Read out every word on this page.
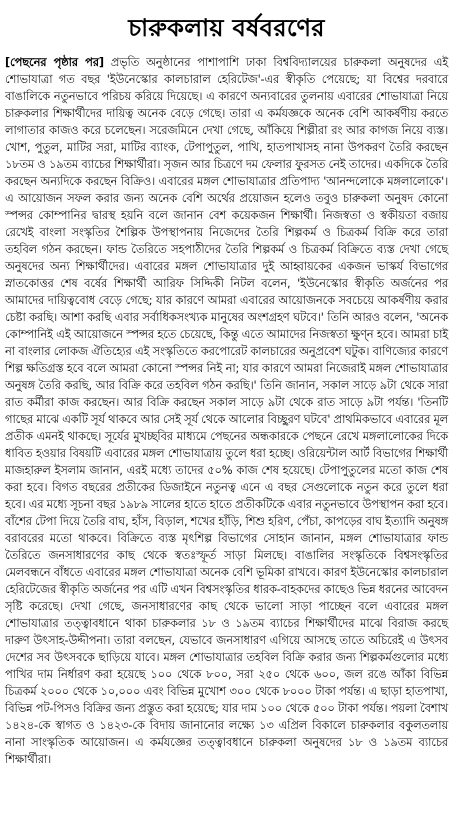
চারুকলায় বর্ষবরণের

[পেছনের পৃষ্ঠার পর] প্রভৃতি অনুষ্ঠানের পাশাপাশি ঢাকা বিশ্ববিদ্যালয়ের চারুকলা অনুষদের এই শোভাযাত্রা গত বছর 'ইউনেস্কোর কালচারাল হেরিটেজ'-এর স্বীকৃতি পেয়েছে; যা বিশ্বের দরবারে বাঙালিকে নতুনভাবে পরিচয় করিয়ে দিয়েছে। এ কারণে অন্যবারের তুলনায় এবারের শোভাযাত্রা নিয়ে চারুকলার শিক্ষার্থীদের দায়িত্ব অনেক বেড়ে গেছে। তারা এ কর্মযজ্ঞকে অনেক বেশি আকর্ষণীয় করতে লাগাতার কাজও করে চলেছেন। সরেজমিনে দেখা গেছে, আঁকিয়ে শিল্পীরা রং আর কাগজ নিয়ে ব্যস্ত। খোশ, পুতুল, মাটির সরা, মাটির ব্যাংক, টেপাপুতুল, পাখি, হাতপাখাসহ নানা উপকরণ তৈরি করছেন ১৮তম ও ১৯তম ব্যাচের শিক্ষার্থীরা। সৃজন আর চিত্রণে দম ফেলার ফুরসত নেই তাদের। একদিকে তৈরি করছেন অন্যদিকে করছেন বিক্রিও। এবারের মঙ্গল শোভাযাত্রার প্রতিপাদ্য 'আনন্দলোকে মঙ্গলালোকে'। এ আয়োজন সফল করার জন্য অনেক বেশি অর্থের প্রয়োজন হলেও তবুও চারুকলা অনুষদ কোনো স্পন্সর কোম্পানির দ্বারস্থ হয়নি বলে জানান বেশ কয়েকজন শিক্ষার্থী। নিজস্বতা ও স্বকীয়তা বজায় রেখেই বাংলা সংস্কৃতির শৈল্পিক উপস্থাপনায় নিজেদের তৈরি শিল্পকর্ম ও চিত্রকর্ম বিক্রি করে তারা তহবিল গঠন করছেন। ফান্ড তৈরিতে সহপাঠীদের তৈরি শিল্পকর্ম ও চিত্রকর্ম বিক্রিতে ব্যস্ত দেখা গেছে অনুষদের অন্য শিক্ষার্থীদের। এবারের মঙ্গল শোভাযাত্রার দুই আহ্বায়কের একজন ভাস্কর্য বিভাগের স্নাতকোত্তর শেষ বর্ষের শিক্ষার্থী আরিফ সিদ্দিকী নিটল বলেন, 'ইউনেস্কোর স্বীকৃতি অর্জনের পর আমাদের দায়িত্ববোধ বেড়ে গেছে; যার কারণে আমরা এবারের আয়োজনকে সবচেয়ে আকর্ষণীয় করার চেষ্টা করছি। আশা করছি এবার সর্বাধিকসংখ্যক মানুষের অংশগ্রহণ ঘটবে।' তিনি আরও বলেন, 'অনেক কোম্পানিই এই আয়োজনে স্পন্সর হতে চেয়েছে, কিন্তু এতে আমাদের নিজস্বতা ক্ষুণ্ন হবে। আমরা চাই না বাংলার লোকজ ঐতিহ্যের এই সংস্কৃতিতে করপোরেট কালচারের অনুপ্রবেশ ঘটুক। বাণিজ্যের কারণে শিল্প ক্ষতিগ্রস্ত হবে বলে আমরা কোনো স্পন্সর নিই না; যার কারণে আমরা নিজেরাই মঙ্গল শোভাযাত্রার অনুষঙ্গ তৈরি করছি, আর বিক্রি করে তহবিল গঠন করছি।' তিনি জানান, সকাল সাড়ে ৯টা থেকে সারা রাত কর্মীরা কাজ করছেন। আর বিক্রি করছেন সকাল সাড়ে ৯টা থেকে রাত সাড়ে ৯টা পর্যন্ত। 'তিনটি গাছের মাঝে একটি সূর্য থাকবে আর সেই সূর্য থেকে আলোর বিচ্ছুরণ ঘটবে' প্রাথমিকভাবে এবারের মূল প্রতীক এমনই থাকছে। সূর্যের মুখচ্ছবির মাধ্যমে পেছনের অন্ধকারকে পেছনে রেখে মঙ্গলালোকের দিকে ধাবিত হওয়ার বিষয়টি এবারের মঙ্গল শোভাযাত্রায় তুলে ধরা হচ্ছে। ওরিয়েন্টাল আর্ট বিভাগের শিক্ষার্থী মাজহারুল ইসলাম জানান, এরই মধ্যে তাদের ৫০% কাজ শেষ হয়েছে। টেপাপুতুলের মতো কাজ শেষ করা হবে। বিগত বছরের প্রতীকের ডিজাইনে নতুনত্ব এনে এ বছর সেগুলোকে নতুন করে তুলে ধরা হবে। এর মধ্যে সূচনা বছর ১৯৮৯ সালের হাতে হাতে প্রতীকটিকে এবার নতুনভাবে উপস্থাপন করা হবে। বাঁশের টেপা দিয়ে তৈরি বাঘ, হাঁস, বিড়াল, শখের হাঁড়ি, শিশু হরিণ, পেঁচা, কাপড়ের বাঘ ইত্যাদি অনুষঙ্গ বরাবরের মতো থাকবে। বিক্রিতে ব্যস্ত মৃৎশিল্প বিভাগের সোহান জানান, মঙ্গল শোভাযাত্রার ফান্ড তৈরিতে জনসাধারণের কাছ থেকে স্বতঃস্ফূর্ত সাড়া মিলছে। বাঙালির সংস্কৃতিকে বিশ্বসংস্কৃতির মেলবন্ধনে বাঁধতে এবারের মঙ্গল শোভাযাত্রা অনেক বেশি ভূমিকা রাখবে। কারণ ইউনেস্কোর কালচারাল হেরিটেজের স্বীকৃতি অর্জনের পর এটি এখন বিশ্বসংস্কৃতির ধারক-বাহকদের কাছেও ভিন্ন ধরনের আবেদন সৃষ্টি করেছে। দেখা গেছে, জনসাধারণের কাছ থেকে ভালো সাড়া পাচ্ছেন বলে এবারের মঙ্গল শোভাযাত্রার তত্ত্বাবধানে থাকা চারুকলার ১৮ ও ১৯তম ব্যাচের শিক্ষার্থীদের মাঝে বিরাজ করছে দারুণ উৎসাহ-উদ্দীপনা। তারা বলছেন, যেভাবে জনসাধারণ এগিয়ে আসছে তাতে অচিরেই এ উৎসব দেশের সব উৎসবকে ছাড়িয়ে যাবে। মঙ্গল শোভাযাত্রার তহবিল বিক্রি করার জন্য শিল্পকর্মগুলোর মধ্যে পাখির দাম নির্ধারণ করা হয়েছে ১০০ থেকে ৮০০, সরা ২৫০ থেকে ৬০০, জল রঙে আঁকা বিভিন্ন চিত্রকর্ম ২০০০ থেকে ১০,০০০ এবং বিভিন্ন মুখোশ ৩০০ থেকে ৮০০০ টাকা পর্যন্ত। এ ছাড়া হাতপাখা, বিভিন্ন পট-পিসও বিক্রির জন্য প্রস্তুত করা হয়েছে; যার দাম ১০০ থেকে ৫০০ টাকা পর্যন্ত। পয়লা বৈশাখ ১৪২৪-কে স্বাগত ও ১৪২৩-কে বিদায় জানানোর লক্ষ্যে ১৩ এপ্রিল বিকালে চারুকলার বকুলতলায় নানা সাংস্কৃতিক আয়োজন। এ কর্মযজ্ঞের তত্ত্বাবধানে চারুকলা অনুষদের ১৮ ও ১৯তম ব্যাচের শিক্ষার্থীরা।
